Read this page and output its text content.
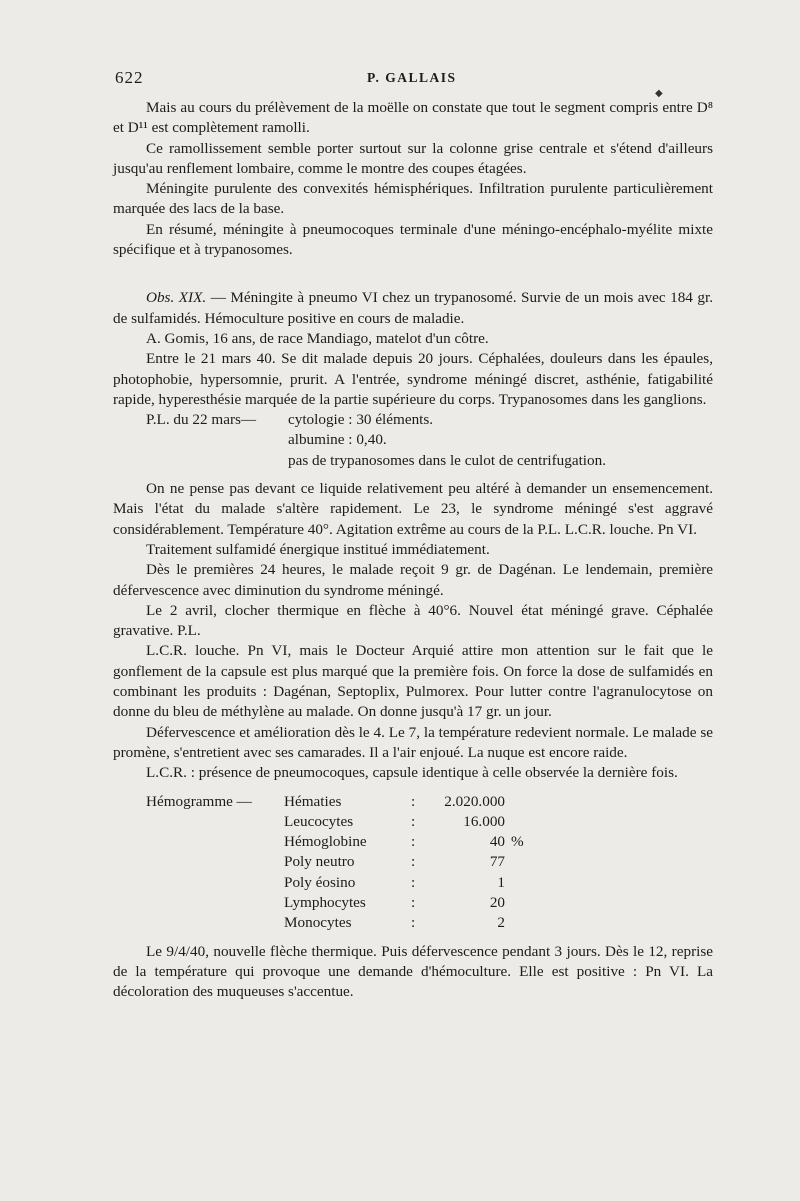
622	P. GALLAIS
◆

Mais au cours du prélèvement de la moëlle on constate que tout le segment compris entre D⁸ et D¹¹ est complètement ramolli.

Ce ramollissement semble porter surtout sur la colonne grise centrale et s'étend d'ailleurs jusqu'au renflement lombaire, comme le montre des coupes étagées.

Méningite purulente des convexités hémisphériques. Infiltration purulente particulièrement marquée des lacs de la base.

En résumé, méningite à pneumocoques terminale d'une méningo-encéphalo-myélite mixte spécifique et à trypanosomes.

Obs. XIX. — Méningite à pneumo VI chez un trypanosomé. Survie de un mois avec 184 gr. de sulfamidés. Hémoculture positive en cours de maladie.

A. Gomis, 16 ans, de race Mandiago, matelot d'un côtre.

Entre le 21 mars 40. Se dit malade depuis 20 jours. Céphalées, douleurs dans les épaules, photophobie, hypersomnie, prurit. A l'entrée, syndrome méningé discret, asthénie, fatigabilité rapide, hyperesthésie marquée de la partie supérieure du corps. Trypanosomes dans les ganglions.

P.L. du 22 mars—	cytologie : 30 éléments.
albumine : 0,40.
pas de trypanosomes dans le culot de centrifugation.

On ne pense pas devant ce liquide relativement peu altéré à demander un ensemencement. Mais l'état du malade s'altère rapidement. Le 23, le syndrome méningé s'est aggravé considérablement. Température 40°. Agitation extrême au cours de la P.L. L.C.R. louche. Pn VI.

Traitement sulfamidé énergique institué immédiatement.

Dès le premières 24 heures, le malade reçoit 9 gr. de Dagénan. Le lendemain, première défervescence avec diminution du syndrome méningé.

Le 2 avril, clocher thermique en flèche à 40°6. Nouvel état méningé grave. Céphalée gravative. P.L.

L.C.R. louche. Pn VI, mais le Docteur Arquié attire mon attention sur le fait que le gonflement de la capsule est plus marqué que la première fois. On force la dose de sulfamidés en combinant les produits : Dagénan, Septoplix, Pulmorex. Pour lutter contre l'agranulocytose on donne du bleu de méthylène au malade. On donne jusqu'à 17 gr. un jour.

Défervescence et amélioration dès le 4. Le 7, la température redevient normale. Le malade se promène, s'entretient avec ses camarades. Il a l'air enjoué. La nuque est encore raide.

L.C.R. : présence de pneumocoques, capsule identique à celle observée la dernière fois.

Hémogramme —	Hématies	:	2.020.000	
	Leucocytes	:	16.000	
	Hémoglobine	:	40	%
	Poly neutro	:	77	
	Poly éosino	:	1	
	Lymphocytes	:	20	
	Monocytes	:	2	

Le 9/4/40, nouvelle flèche thermique. Puis défervescence pendant 3 jours. Dès le 12, reprise de la température qui provoque une demande d'hémoculture. Elle est positive : Pn VI. La décoloration des muqueuses s'accentue.
